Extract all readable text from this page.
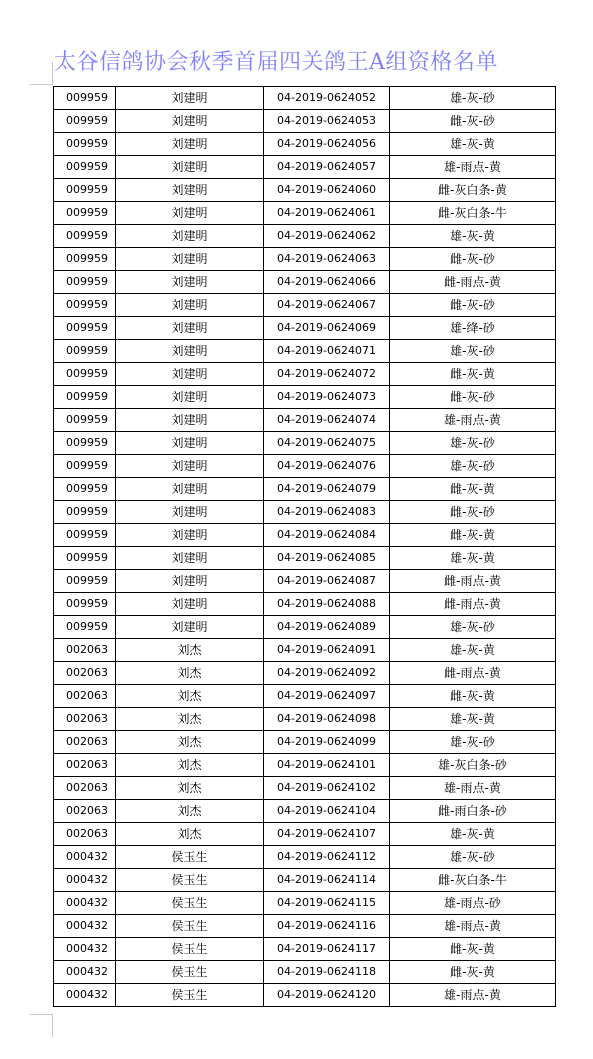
太谷信鸽协会秋季首届四关鸽王A组资格名单
009959	刘建明	04-2019-0624052	雄-灰-砂
009959	刘建明	04-2019-0624053	雌-灰-砂
009959	刘建明	04-2019-0624056	雄-灰-黄
009959	刘建明	04-2019-0624057	雄-雨点-黄
009959	刘建明	04-2019-0624060	雌-灰白条-黄
009959	刘建明	04-2019-0624061	雌-灰白条-牛
009959	刘建明	04-2019-0624062	雄-灰-黄
009959	刘建明	04-2019-0624063	雌-灰-砂
009959	刘建明	04-2019-0624066	雌-雨点-黄
009959	刘建明	04-2019-0624067	雌-灰-砂
009959	刘建明	04-2019-0624069	雄-绛-砂
009959	刘建明	04-2019-0624071	雄-灰-砂
009959	刘建明	04-2019-0624072	雌-灰-黄
009959	刘建明	04-2019-0624073	雌-灰-砂
009959	刘建明	04-2019-0624074	雄-雨点-黄
009959	刘建明	04-2019-0624075	雄-灰-砂
009959	刘建明	04-2019-0624076	雄-灰-砂
009959	刘建明	04-2019-0624079	雌-灰-黄
009959	刘建明	04-2019-0624083	雌-灰-砂
009959	刘建明	04-2019-0624084	雌-灰-黄
009959	刘建明	04-2019-0624085	雄-灰-黄
009959	刘建明	04-2019-0624087	雌-雨点-黄
009959	刘建明	04-2019-0624088	雌-雨点-黄
009959	刘建明	04-2019-0624089	雄-灰-砂
002063	刘杰	04-2019-0624091	雄-灰-黄
002063	刘杰	04-2019-0624092	雌-雨点-黄
002063	刘杰	04-2019-0624097	雌-灰-黄
002063	刘杰	04-2019-0624098	雄-灰-黄
002063	刘杰	04-2019-0624099	雄-灰-砂
002063	刘杰	04-2019-0624101	雄-灰白条-砂
002063	刘杰	04-2019-0624102	雄-雨点-黄
002063	刘杰	04-2019-0624104	雌-雨白条-砂
002063	刘杰	04-2019-0624107	雄-灰-黄
000432	侯玉生	04-2019-0624112	雄-灰-砂
000432	侯玉生	04-2019-0624114	雌-灰白条-牛
000432	侯玉生	04-2019-0624115	雄-雨点-砂
000432	侯玉生	04-2019-0624116	雄-雨点-黄
000432	侯玉生	04-2019-0624117	雌-灰-黄
000432	侯玉生	04-2019-0624118	雌-灰-黄
000432	侯玉生	04-2019-0624120	雄-雨点-黄
